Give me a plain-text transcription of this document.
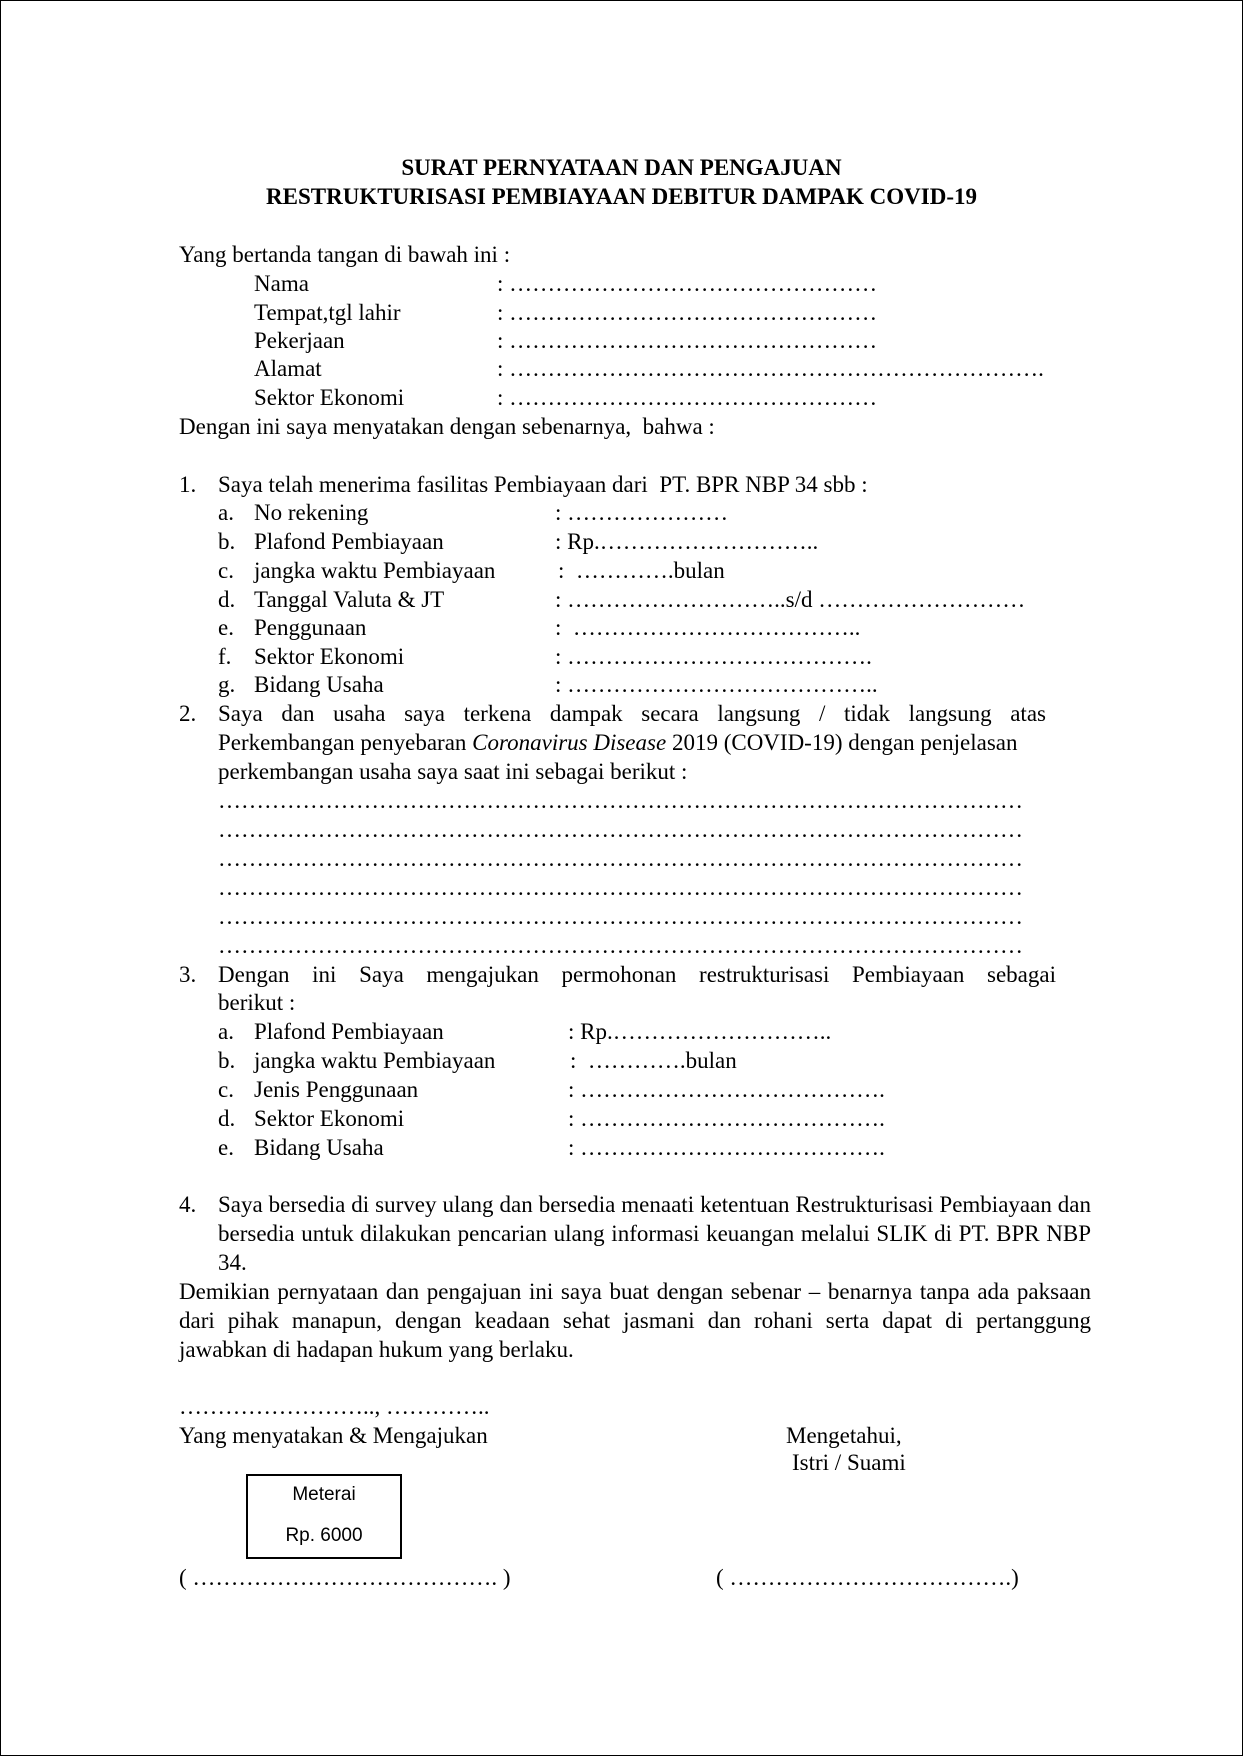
SURAT PERNYATAAN DAN PENGAJUAN
RESTRUKTURISASI PEMBIAYAAN DEBITUR DAMPAK COVID-19
Yang bertanda tangan di bawah ini :
Nama	: …………………………………………
Tempat,tgl lahir	: …………………………………………
Pekerjaan	: …………………………………………
Alamat	: …………………………………………………………….
Sektor Ekonomi	: …………………………………………
Dengan ini saya menyatakan dengan sebenarnya,  bahwa :
1. Saya telah menerima fasilitas Pembiayaan dari  PT. BPR NBP 34 sbb :
a. No rekening	: …………………
b. Plafond Pembiayaan	: Rp.………………………..
c. jangka waktu Pembiayaan	:  ………….bulan
d. Tanggal Valuta & JT	: ………………………..s/d ………………………
e. Penggunaan	:  ………………………………..
f. Sektor Ekonomi	: ………………………………….
g. Bidang Usaha	: …………………………………..
2. Saya dan usaha saya terkena dampak secara langsung / tidak langsung atas
Perkembangan penyebaran Coronavirus Disease 2019 (COVID-19) dengan penjelasan
perkembangan usaha saya saat ini sebagai berikut :
……………………………………………………………………………………………
……………………………………………………………………………………………
……………………………………………………………………………………………
……………………………………………………………………………………………
……………………………………………………………………………………………
……………………………………………………………………………………………
3. Dengan ini Saya mengajukan permohonan restrukturisasi Pembiayaan sebagai
berikut :
a. Plafond Pembiayaan	: Rp.………………………..
b. jangka waktu Pembiayaan	:  ………….bulan
c. Jenis Penggunaan	: ………………………………….
d. Sektor Ekonomi	: ………………………………….
e. Bidang Usaha	: ………………………………….
4. Saya bersedia di survey ulang dan bersedia menaati ketentuan Restrukturisasi Pembiayaan dan bersedia untuk dilakukan pencarian ulang informasi keuangan melalui SLIK di PT. BPR NBP 34.
Demikian pernyataan dan pengajuan ini saya buat dengan sebenar – benarnya tanpa ada paksaan dari pihak manapun, dengan keadaan sehat jasmani dan rohani serta dapat di pertanggung jawabkan di hadapan hukum yang berlaku.
…………………….., …………..
Yang menyatakan & Mengajukan	Mengetahui,
Istri / Suami
Meterai
Rp. 6000
( …………………………………. )	( ……………………………….)
